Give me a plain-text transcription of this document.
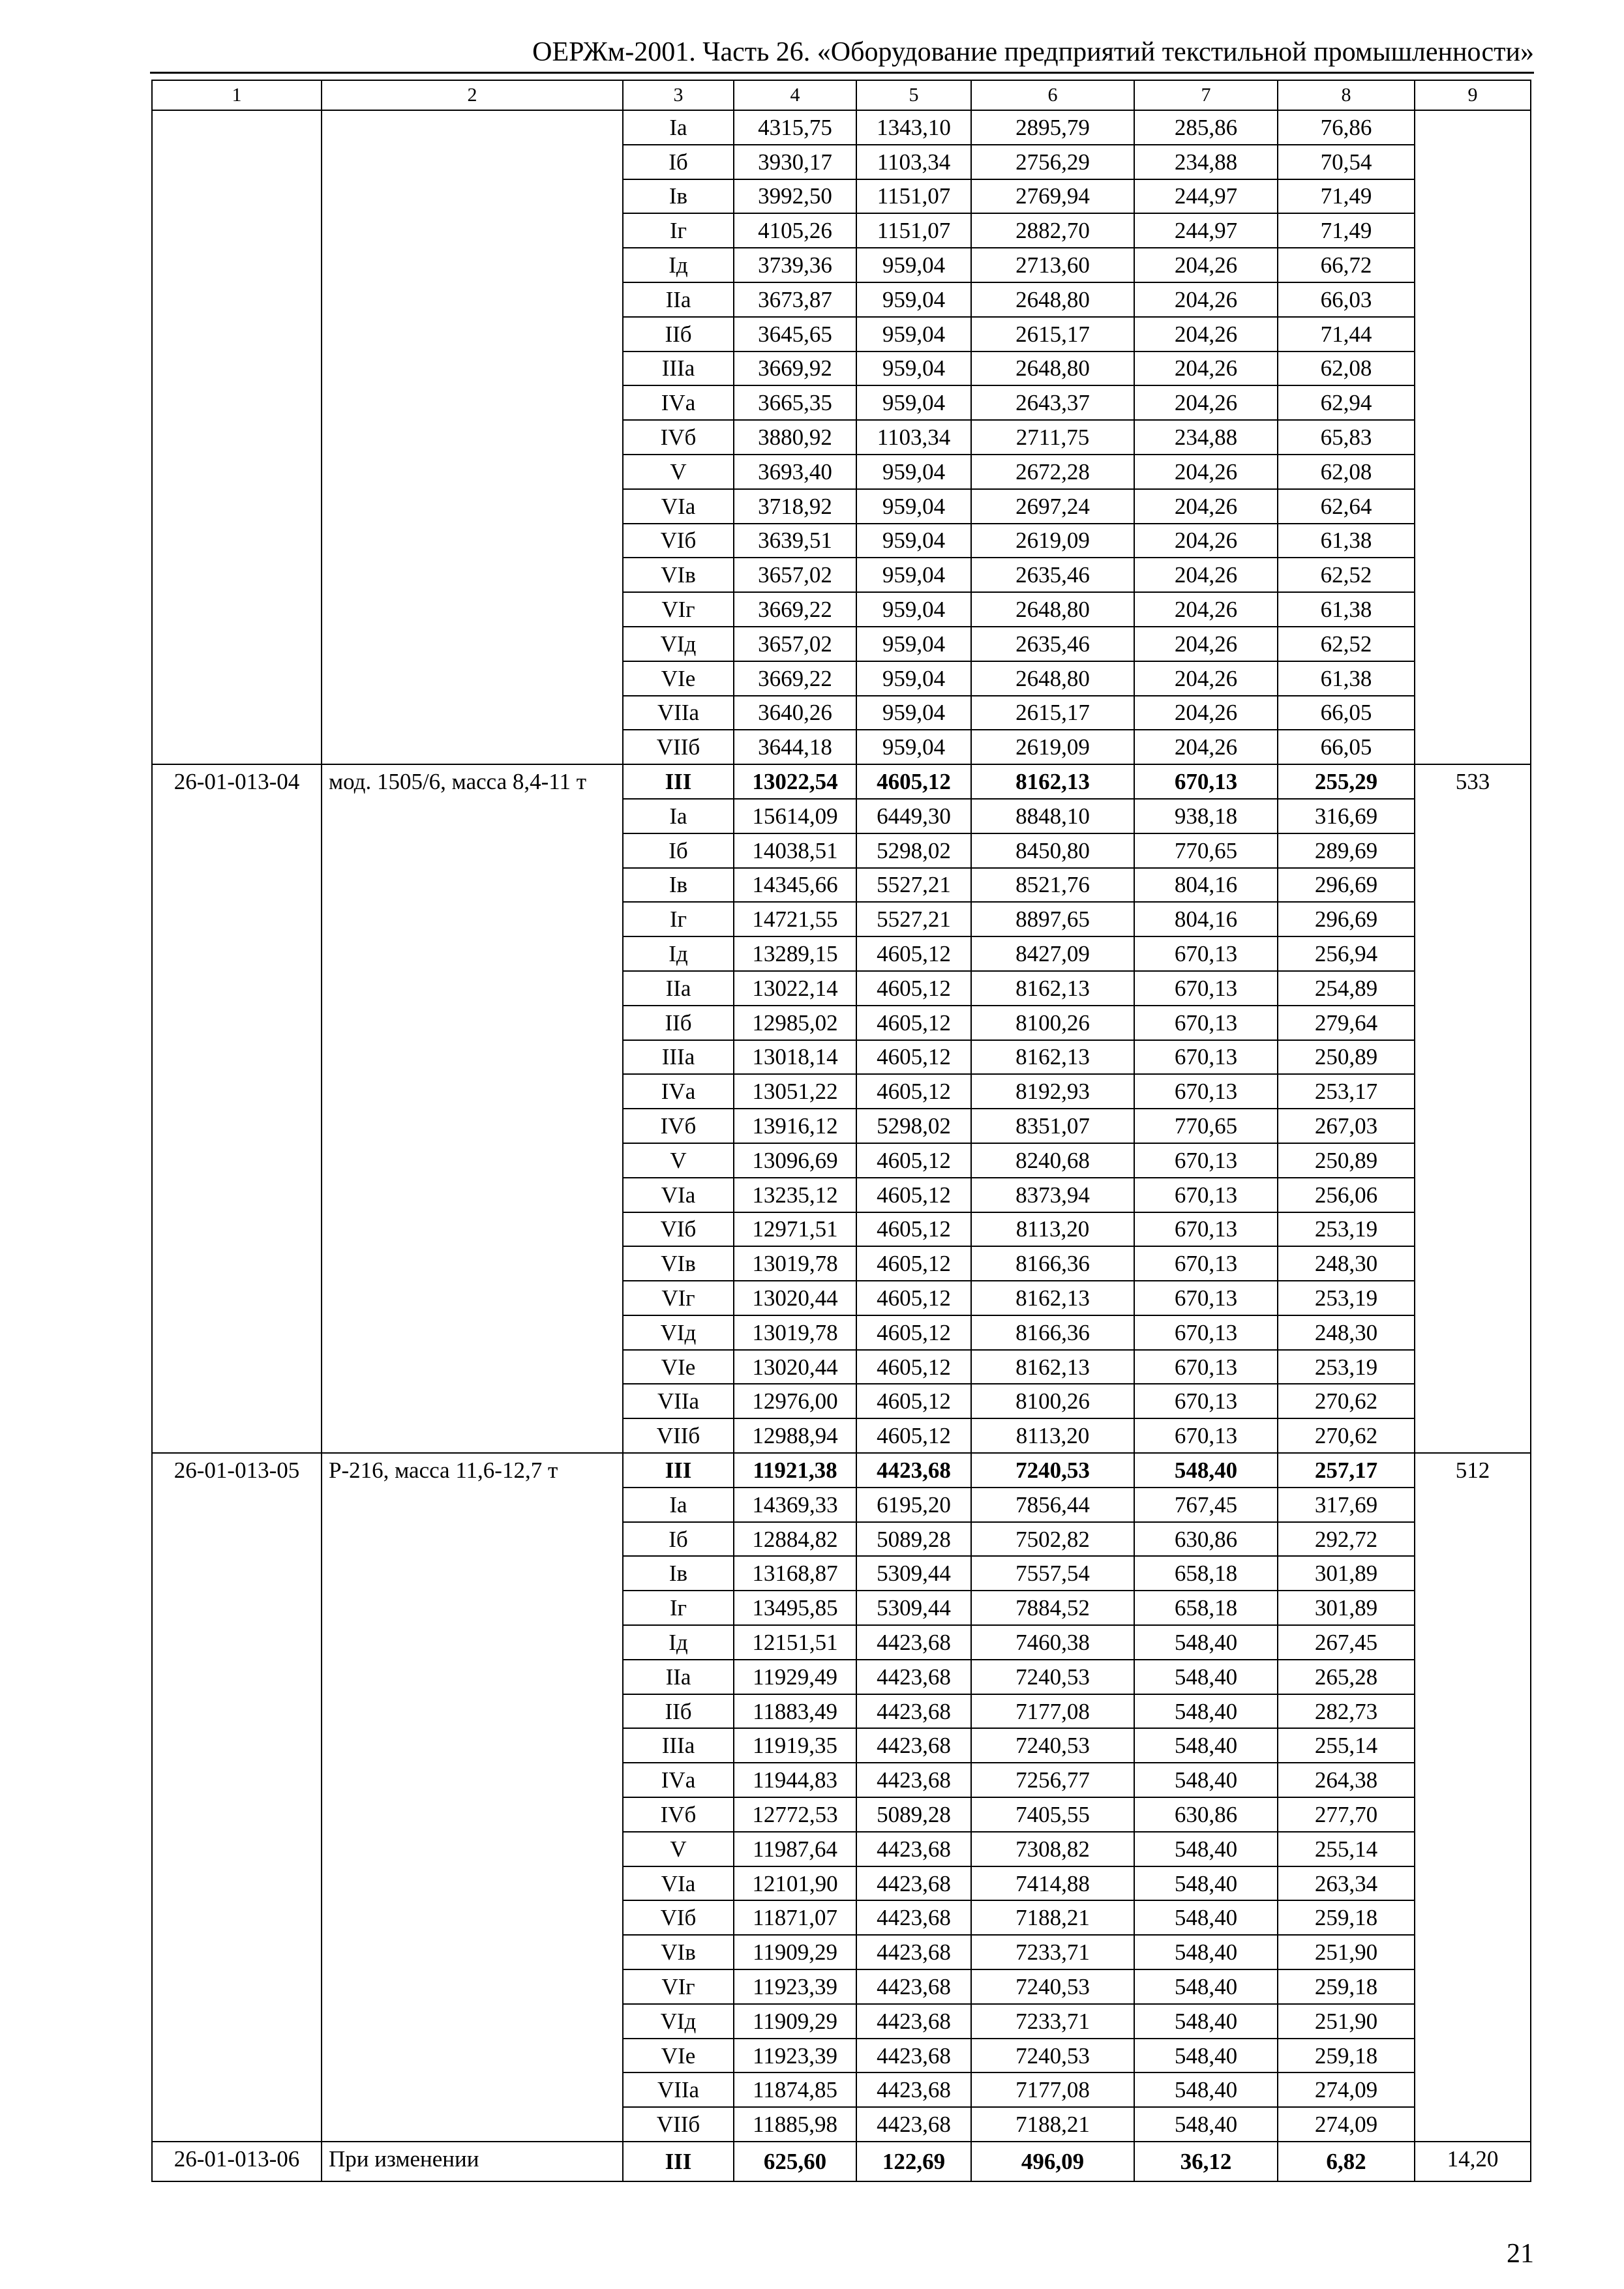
ОЕРЖм-2001. Часть 26. «Оборудование предприятий текстильной промышленности»
1	2	3	4	5	6	7	8	9
		Iа	4315,75	1343,10	2895,79	285,86	76,86	
		Iб	3930,17	1103,34	2756,29	234,88	70,54	
		Iв	3992,50	1151,07	2769,94	244,97	71,49	
		Iг	4105,26	1151,07	2882,70	244,97	71,49	
		Iд	3739,36	959,04	2713,60	204,26	66,72	
		IIа	3673,87	959,04	2648,80	204,26	66,03	
		IIб	3645,65	959,04	2615,17	204,26	71,44	
		IIIа	3669,92	959,04	2648,80	204,26	62,08	
		IVа	3665,35	959,04	2643,37	204,26	62,94	
		IVб	3880,92	1103,34	2711,75	234,88	65,83	
		V	3693,40	959,04	2672,28	204,26	62,08	
		VIа	3718,92	959,04	2697,24	204,26	62,64	
		VIб	3639,51	959,04	2619,09	204,26	61,38	
		VIв	3657,02	959,04	2635,46	204,26	62,52	
		VIг	3669,22	959,04	2648,80	204,26	61,38	
		VIд	3657,02	959,04	2635,46	204,26	62,52	
		VIе	3669,22	959,04	2648,80	204,26	61,38	
		VIIа	3640,26	959,04	2615,17	204,26	66,05	
		VIIб	3644,18	959,04	2619,09	204,26	66,05	
26-01-013-04	мод. 1505/6, масса 8,4-11 т	III	13022,54	4605,12	8162,13	670,13	255,29	533
		Iа	15614,09	6449,30	8848,10	938,18	316,69	
		Iб	14038,51	5298,02	8450,80	770,65	289,69	
		Iв	14345,66	5527,21	8521,76	804,16	296,69	
		Iг	14721,55	5527,21	8897,65	804,16	296,69	
		Iд	13289,15	4605,12	8427,09	670,13	256,94	
		IIа	13022,14	4605,12	8162,13	670,13	254,89	
		IIб	12985,02	4605,12	8100,26	670,13	279,64	
		IIIа	13018,14	4605,12	8162,13	670,13	250,89	
		IVа	13051,22	4605,12	8192,93	670,13	253,17	
		IVб	13916,12	5298,02	8351,07	770,65	267,03	
		V	13096,69	4605,12	8240,68	670,13	250,89	
		VIа	13235,12	4605,12	8373,94	670,13	256,06	
		VIб	12971,51	4605,12	8113,20	670,13	253,19	
		VIв	13019,78	4605,12	8166,36	670,13	248,30	
		VIг	13020,44	4605,12	8162,13	670,13	253,19	
		VIд	13019,78	4605,12	8166,36	670,13	248,30	
		VIе	13020,44	4605,12	8162,13	670,13	253,19	
		VIIа	12976,00	4605,12	8100,26	670,13	270,62	
		VIIб	12988,94	4605,12	8113,20	670,13	270,62	
26-01-013-05	Р-216, масса 11,6-12,7 т	III	11921,38	4423,68	7240,53	548,40	257,17	512
		Iа	14369,33	6195,20	7856,44	767,45	317,69	
		Iб	12884,82	5089,28	7502,82	630,86	292,72	
		Iв	13168,87	5309,44	7557,54	658,18	301,89	
		Iг	13495,85	5309,44	7884,52	658,18	301,89	
		Iд	12151,51	4423,68	7460,38	548,40	267,45	
		IIа	11929,49	4423,68	7240,53	548,40	265,28	
		IIб	11883,49	4423,68	7177,08	548,40	282,73	
		IIIа	11919,35	4423,68	7240,53	548,40	255,14	
		IVа	11944,83	4423,68	7256,77	548,40	264,38	
		IVб	12772,53	5089,28	7405,55	630,86	277,70	
		V	11987,64	4423,68	7308,82	548,40	255,14	
		VIа	12101,90	4423,68	7414,88	548,40	263,34	
		VIб	11871,07	4423,68	7188,21	548,40	259,18	
		VIв	11909,29	4423,68	7233,71	548,40	251,90	
		VIг	11923,39	4423,68	7240,53	548,40	259,18	
		VIд	11909,29	4423,68	7233,71	548,40	251,90	
		VIе	11923,39	4423,68	7240,53	548,40	259,18	
		VIIа	11874,85	4423,68	7177,08	548,40	274,09	
		VIIб	11885,98	4423,68	7188,21	548,40	274,09	
26-01-013-06	При изменении	III	625,60	122,69	496,09	36,12	6,82	14,20
21
